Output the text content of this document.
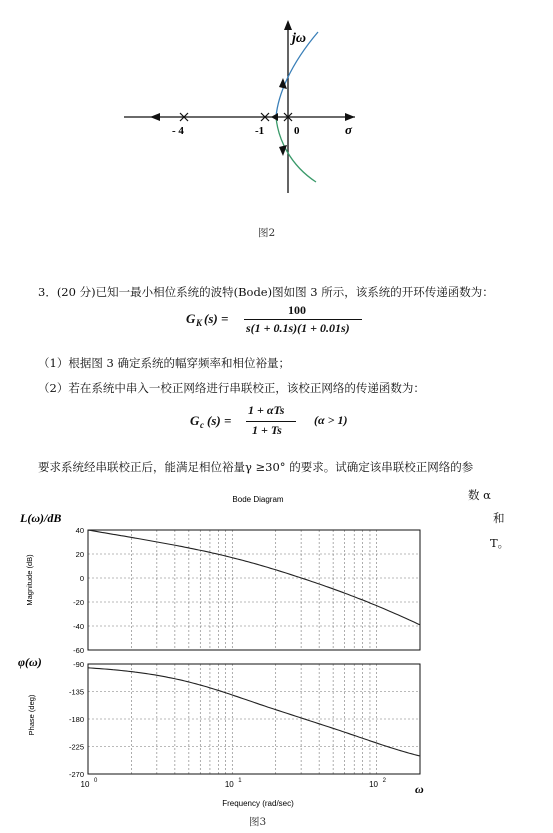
jω
σ
- 4	-1	0
图2
3．(20 分)已知一最小相位系统的波特(Bode)图如图 3 所示，该系统的开环传递函数为：
G K (s) =
100
s(1 + 0.1s)(1 + 0.01s)
（1）根据图 3 确定系统的幅穿频率和相位裕量；
（2）若在系统中串入一校正网络进行串联校正，该校正网络的传递函数为：
G c (s) =
1 + αTs
1 + Ts
(α > 1)
要求系统经串联校正后，能满足相位裕量γ ≥30° 的要求。试确定该串联校正网络的参
数 α
和
T。
Bode Diagram
L(ω)/dB
Magnitude (dB)
φ(ω)
Phase (deg)
40
20
0
-20
-40
-60
-90
-135
-180
-225
-270
10 0	10 1	10 2
Frequency (rad/sec)
ω
图3
